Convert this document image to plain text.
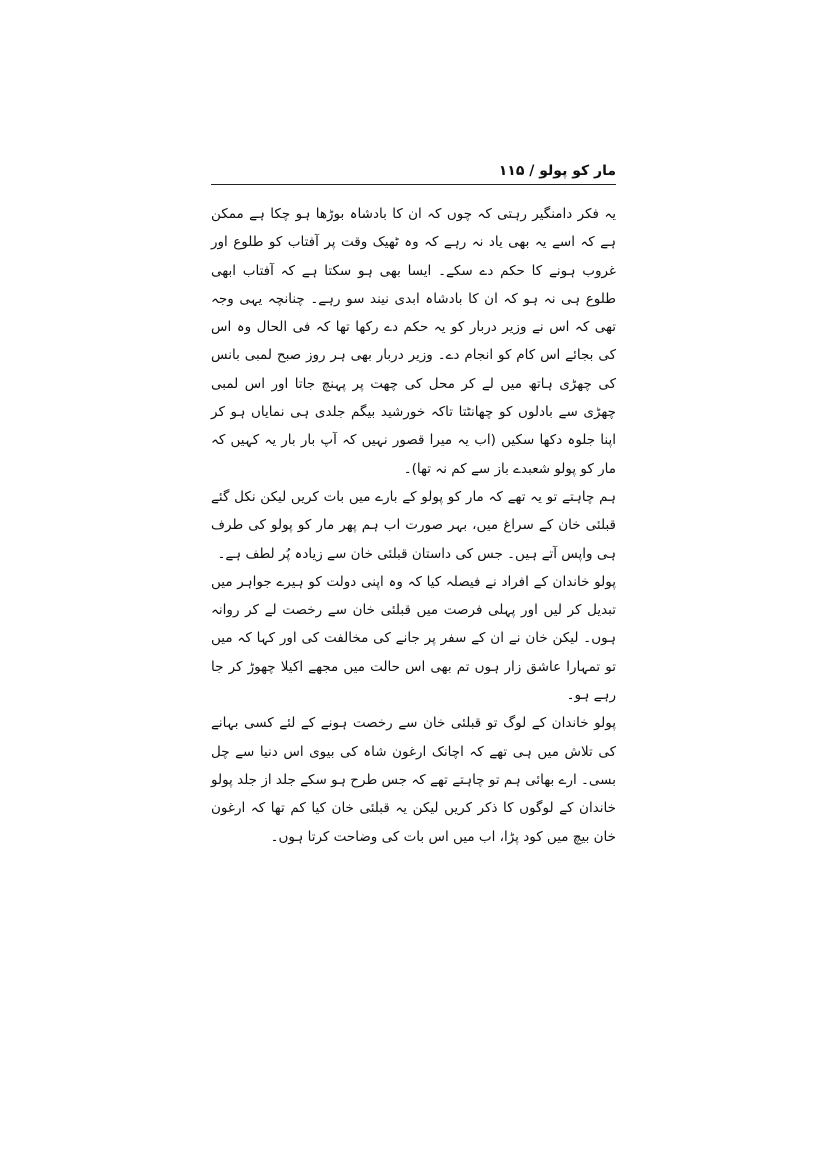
مار کو پولو / ۱۱۵

یہ فکر دامنگیر رہتی کہ چوں کہ ان کا بادشاہ بوڑھا ہو چکا ہے ممکن ہے کہ اسے یہ بھی یاد نہ رہے کہ وہ ٹھیک وقت پر آفتاب کو طلوع اور غروب ہونے کا حکم دے سکے۔ ایسا بھی ہو سکتا ہے کہ آفتاب ابھی طلوع ہی نہ ہو کہ ان کا بادشاہ ابدی نیند سو رہے۔ چنانچہ یہی وجہ تھی کہ اس نے وزیر دربار کو یہ حکم دے رکھا تھا کہ فی الحال وہ اس کی بجائے اس کام کو انجام دے۔ وزیر دربار بھی ہر روز صبح لمبی بانس کی چھڑی ہاتھ میں لے کر محل کی چھت پر پہنچ جاتا اور اس لمبی چھڑی سے بادلوں کو چھانٹتا تاکہ خورشید بیگم جلدی ہی نمایاں ہو کر اپنا جلوہ دکھا سکیں (اب یہ میرا قصور نہیں کہ آپ بار بار یہ کہیں کہ مار کو پولو شعبدے باز سے کم نہ تھا)۔

ہم چاہتے تو یہ تھے کہ مار کو پولو کے بارے میں بات کریں لیکن نکل گئے قبلئی خان کے سراغ میں، بہر صورت اب ہم پھر مار کو پولو کی طرف ہی واپس آتے ہیں۔ جس کی داستان قبلئی خان سے زیادہ پُر لطف ہے۔

پولو خاندان کے افراد نے فیصلہ کیا کہ وہ اپنی دولت کو ہیرے جواہر میں تبدیل کر لیں اور پہلی فرصت میں قبلئی خان سے رخصت لے کر روانہ ہوں۔ لیکن خان نے ان کے سفر پر جانے کی مخالفت کی اور کہا کہ میں تو تمہارا عاشق زار ہوں تم بھی اس حالت میں مجھے اکیلا چھوڑ کر جا رہے ہو۔

پولو خاندان کے لوگ تو قبلئی خان سے رخصت ہونے کے لئے کسی بہانے کی تلاش میں ہی تھے کہ اچانک ارغون شاہ کی بیوی اس دنیا سے چل بسی۔ ارے بھائی ہم تو چاہتے تھے کہ جس طرح ہو سکے جلد از جلد پولو خاندان کے لوگوں کا ذکر کریں لیکن یہ قبلئی خان کیا کم تھا کہ ارغون خان بیچ میں کود پڑا، اب میں اس بات کی وضاحت کرتا ہوں۔
